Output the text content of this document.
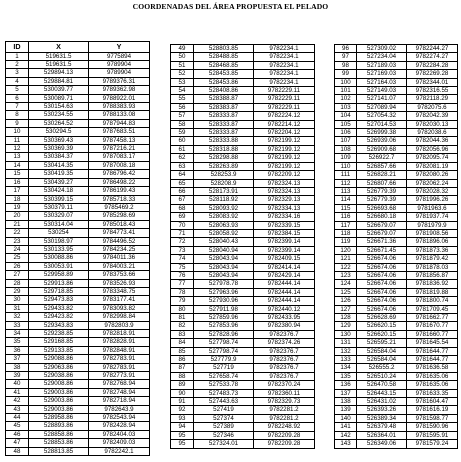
COORDENADAS DEL ÁREA PROPUESTA EL PELADO
ID	X	Y
1	519631.5	9775894
2	519631.5	9789904
3	529894.13	9789904
4	529884.81	9789376.31
5	530039.77	9789362.98
6	530089.71	9788922.01
7	530154.63	9788383.93
8	530234.55	9788133.08
9	530264.52	9787944.83
10	530294.5	9787683.51
11	530369.43	9787458.13
12	530369.39	9787216.21
13	530384.37	9787083.17
14	530414.35	9787008.18
15	530419.35	9786796.42
16	530439.27	9786498.22
17	530424.18	9786199.43
18	530399.15	9785718.33
19	530379.11	9785469.2
20	530329.07	9785298.69
21	530314.04	9785018.43
22	530254	9784773.41
23	530198.97	9784496.52
24	530133.95	9784234.25
25	530088.86	9784011.36
26	530053.91	9784003.21
27	529958.89	9783753.66
28	529913.86	9783526.93
29	529718.85	9783348.75
30	529473.83	9783177.41
31	529433.82	9783093.82
32	529423.82	9782998.84
33	529343.83	9782803.9
34	529238.85	9782818.91
35	529168.85	9782828.91
36	529133.85	9782848.91
37	529088.86	9782783.91
38	529063.86	9782783.91
39	529038.86	9782773.91
40	529008.86	9782768.94
41	529003.86	9782748.94
42	529003.86	9782718.94
43	529003.86	9782643.9
44	528958.86	9782543.94
45	528893.86	9782428.94
46	528858.86	9782404.03
47	528853.86	9782409.03
48	528813.85	9782242.1
49	528803.85	9782234.1
50	528488.85	9782234.1
51	528468.85	9782234.1
52	528453.85	9782234.1
53	528453.86	9782234.1
54	528408.86	9782229.11
55	528388.87	9782229.11
56	528383.87	9782229.11
57	528333.87	9782224.12
58	528333.87	9782214.12
59	528333.87	9782204.12
60	528333.88	9782199.12
61	528318.88	9782199.12
62	528298.88	9782199.12
63	528263.89	9782199.12
64	528253.9	9782209.12
65	528208.9	9782324.13
66	528173.91	9782324.13
67	528118.92	9782329.13
68	528093.92	9782334.13
69	528083.92	9782334.16
70	528063.93	9782339.15
71	528058.92	9782384.15
72	528040.43	9782399.14
73	528040.94	9782399.14
74	528043.94	9782409.15
75	528043.94	9782414.14
76	528043.94	9782429.14
77	527978.78	9782444.14
78	527963.96	9782444.14
79	527930.96	9782444.14
80	527911.98	9782440.12
81	527859.96	9782433.95
82	527853.96	9782380.94
83	527828.96	9782376.7
84	527798.74	9782374.26
85	527798.74	9782376.7
86	527779.9	9782376.7
87	527719	9782376.7
88	527658.74	9782376.7
89	527533.78	9782370.24
90	527483.73	9782360.11
91	527443.63	9782329.73
92	527419	9782281.2
93	527374	9782281.2
94	527389	9782248.92
95	527346	9782209.28
95	527324.01	9782209.28
96	527309.02	9782244.27
97	527234.04	9782274.27
98	527189.03	9782284.28
99	527169.03	9782269.28
100	527164.03	9782344.01
101	527149.03	9782316.55
102	527141.07	9782118.29
103	527089.94	9782075.6
104	527054.32	9782042.39
105	527014.53	9782030.13
106	526999.38	9782038.6
107	526939.06	9782044.36
108	526909.68	9782056.96
109	526922.7	9782095.74
110	526857.66	9782081.19
111	526828.21	9782080.26
112	526807.66	9782062.24
113	526779.39	9782028.32
114	526779.39	9781996.26
115	526693.68	9781963.6
116	526680.18	9781937.74
117	526679.07	9781979.9
118	526679.07	9781908.56
119	526671.36	9781896.06
120	526671.45	9781873.36
121	526674.06	9781879.42
122	526674.06	9781878.03
123	526674.06	9781856.87
124	526674.06	9781836.92
125	526674.06	9781819.88
126	526674.06	9781800.74
127	526674.06	9781709.45
128	526628.69	9781662.77
129	526620.15	9781670.77
130	526620.15	9781660.77
131	526595.21	9781645.54
132	526584.04	9781644.77
133	526584.04	9781644.77
134	526555.2	9781636.58
135	526510.24	9781635.06
136	526470.58	9781635.06
137	526443.15	9781633.35
138	526431.02	9781604.47
139	526393.26	9781616.19
140	526389.34	9781598.77
141	526379.48	9781590.96
142	526364.01	9781595.91
143	526349.06	9781579.24
